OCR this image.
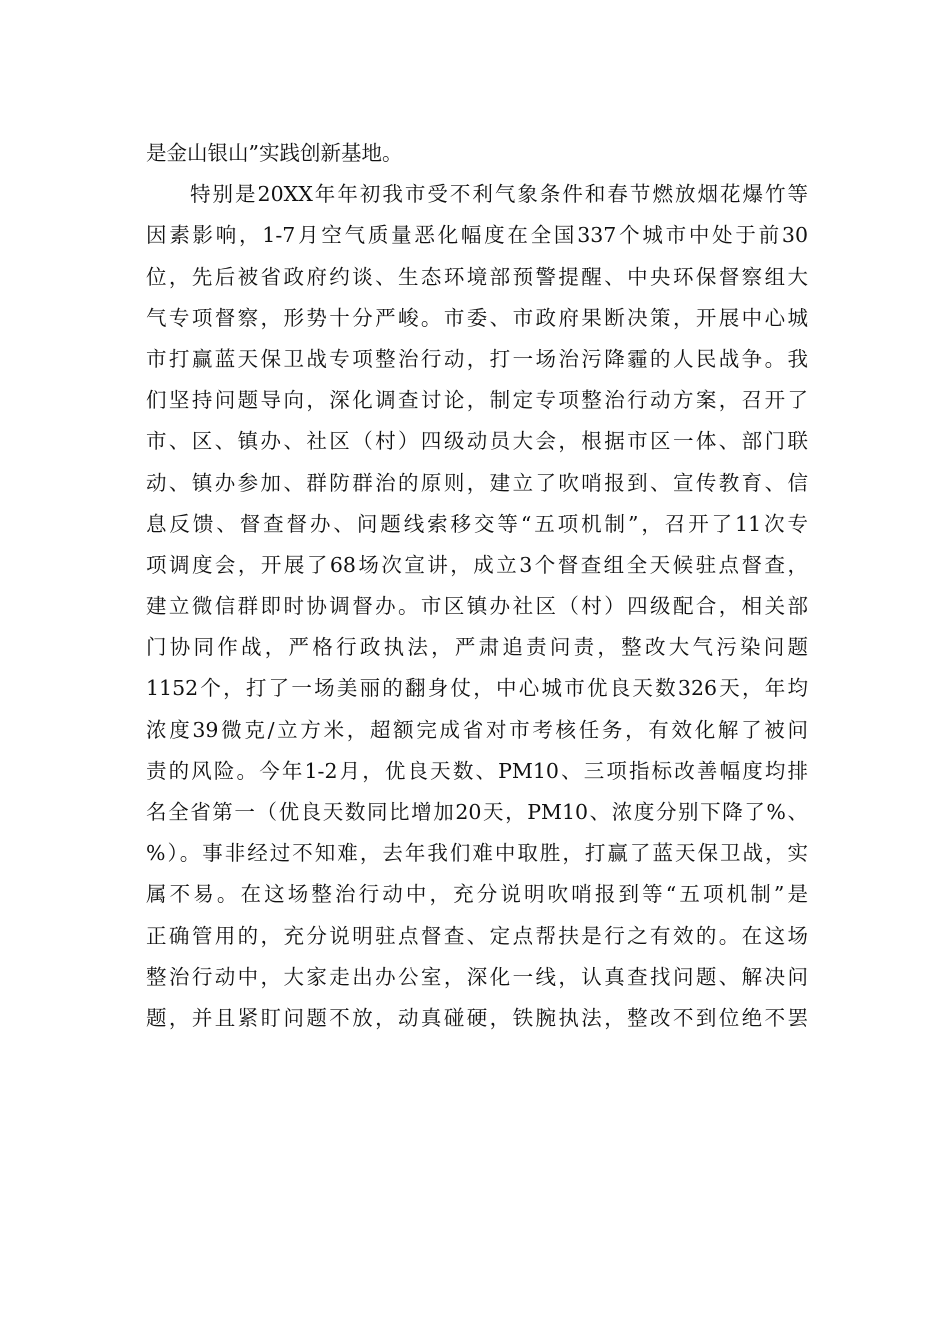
是金山银山”实践创新基地。
特别是20XX年年初我市受不利气象条件和春节燃放烟花爆竹等
因素影响，1-7月空气质量恶化幅度在全国337个城市中处于前30
位，先后被省政府约谈、生态环境部预警提醒、中央环保督察组大
气专项督察，形势十分严峻。市委、市政府果断决策，开展中心城
市打赢蓝天保卫战专项整治行动，打一场治污降霾的人民战争。我
们坚持问题导向，深化调查讨论，制定专项整治行动方案，召开了
市、区、镇办、社区（村）四级动员大会，根据市区一体、部门联
动、镇办参加、群防群治的原则，建立了吹哨报到、宣传教育、信
息反馈、督查督办、问题线索移交等“五项机制”，召开了11次专
项调度会，开展了68场次宣讲，成立3个督查组全天候驻点督查，
建立微信群即时协调督办。市区镇办社区（村）四级配合，相关部
门协同作战，严格行政执法，严肃追责问责，整改大气污染问题
1152个，打了一场美丽的翻身仗，中心城市优良天数326天，年均
浓度39微克/立方米，超额完成省对市考核任务，有效化解了被问
责的风险。今年1-2月，优良天数、PM10、三项指标改善幅度均排
名全省第一（优良天数同比增加20天，PM10、浓度分别下降了%、
%）。事非经过不知难，去年我们难中取胜，打赢了蓝天保卫战，实
属不易。在这场整治行动中，充分说明吹哨报到等“五项机制”是
正确管用的，充分说明驻点督查、定点帮扶是行之有效的。在这场
整治行动中，大家走出办公室，深化一线，认真查找问题、解决问
题，并且紧盯问题不放，动真碰硬，铁腕执法，整改不到位绝不罢
